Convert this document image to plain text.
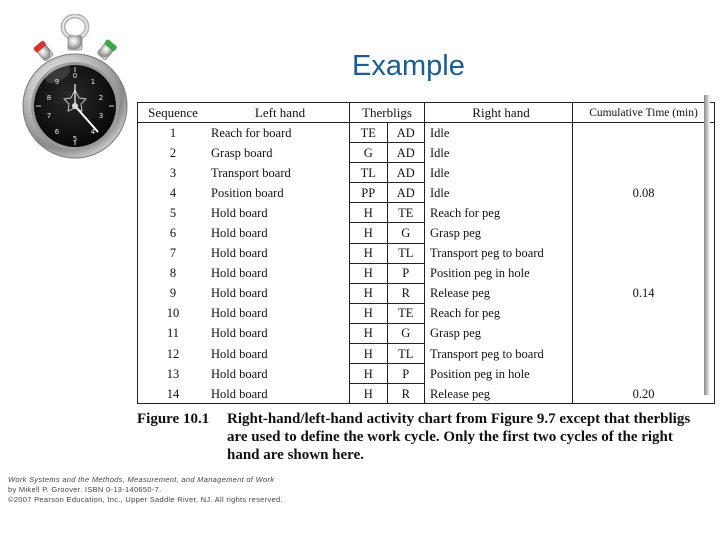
Example
0
1
2
3
4
5
6
7
8
9
Sequence	Left hand	Therbligs		Right hand	Cumulative Time (min)
1	Reach for board	TE	AD	Idle	
2	Grasp board	G	AD	Idle	
3	Transport board	TL	AD	Idle	
4	Position board	PP	AD	Idle	0.08
5	Hold board	H	TE	Reach for peg	
6	Hold board	H	G	Grasp peg	
7	Hold board	H	TL	Transport peg to board	
8	Hold board	H	P	Position peg in hole	
9	Hold board	H	R	Release peg	0.14
10	Hold board	H	TE	Reach for peg	
11	Hold board	H	G	Grasp peg	
12	Hold board	H	TL	Transport peg to board	
13	Hold board	H	P	Position peg in hole	
14	Hold board	H	R	Release peg	0.20
Figure 10.1 Right-hand/left-hand activity chart from Figure 9.7 except that therbligs are used to define the work cycle. Only the first two cycles of the right hand are shown here.
Work Systems and the Methods, Measurement, and Management of Work
by Mikell P. Groover. ISBN 0-13-140650-7.
©2007 Pearson Education, Inc., Upper Saddle River, NJ. All rights reserved.
